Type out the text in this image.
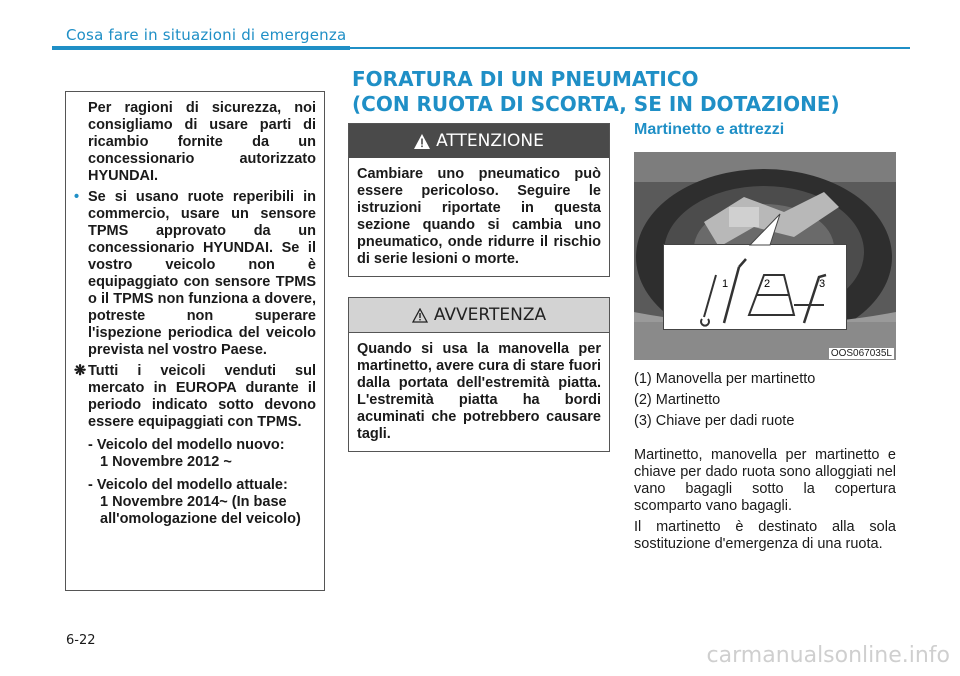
Cosa fare in situazioni di emergenza
FORATURA DI UN PNEUMATICO
(CON RUOTA DI SCORTA, SE IN DOTAZIONE)

Per ragioni di sicurezza, noi consigliamo di usare parti di ricambio fornite da un concessionario autorizzato HYUNDAI.

• Se si usano ruote reperibili in commercio, usare un sensore TPMS approvato da un concessionario HYUNDAI. Se il vostro veicolo non è equipaggiato con sensore TPMS o il TPMS non funziona a dovere, potreste non superare l'ispezione periodica del veicolo prevista nel vostro Paese.

❋ Tutti i veicoli venduti sul mercato in EUROPA durante il periodo indicato sotto devono essere equipaggiati con TPMS.

- Veicolo del modello nuovo:
1 Novembre 2012 ~
- Veicolo del modello attuale:
1 Novembre 2014~ (In base all'omologazione del veicolo)
ATTENZIONE
Cambiare uno pneumatico può essere pericoloso. Seguire le istruzioni riportate in questa sezione quando si cambia uno pneumatico, onde ridurre il rischio di serie lesioni o morte.
AVVERTENZA
Quando si usa la manovella per martinetto, avere cura di stare fuori dalla portata dell'estremità piatta. L'estremità piatta ha bordi acuminati che potrebbero causare tagli.
Martinetto e attrezzi
OOS067035L
1	2	3
(1) Manovella per martinetto
(2) Martinetto
(3) Chiave per dadi ruote
Martinetto, manovella per martinetto e chiave per dado ruota sono alloggiati nel vano bagagli sotto la copertura scomparto vano bagagli.
Il martinetto è destinato alla sola sostituzione d'emergenza di una ruota.
6-22
carmanualsonline.info
